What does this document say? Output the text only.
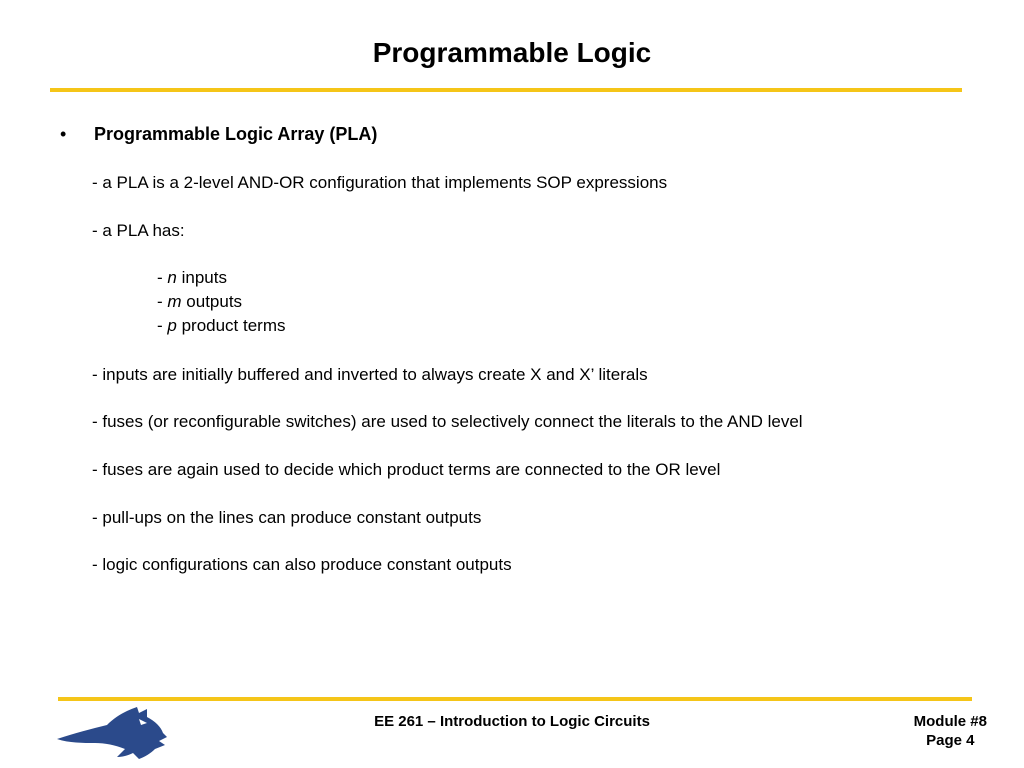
Programmable Logic
• Programmable Logic Array (PLA)
- a PLA is a 2-level AND-OR configuration that implements SOP expressions
- a PLA has:
- n inputs
- m outputs
- p product terms
- inputs are initially buffered and inverted to always create X and X’ literals
- fuses (or reconfigurable switches) are used to selectively connect the literals to the AND level
- fuses are again used to decide which product terms are connected to the OR level
- pull-ups on the lines can produce constant outputs
- logic configurations can also produce constant outputs
EE 261 – Introduction to Logic Circuits	Module #8
Page 4
